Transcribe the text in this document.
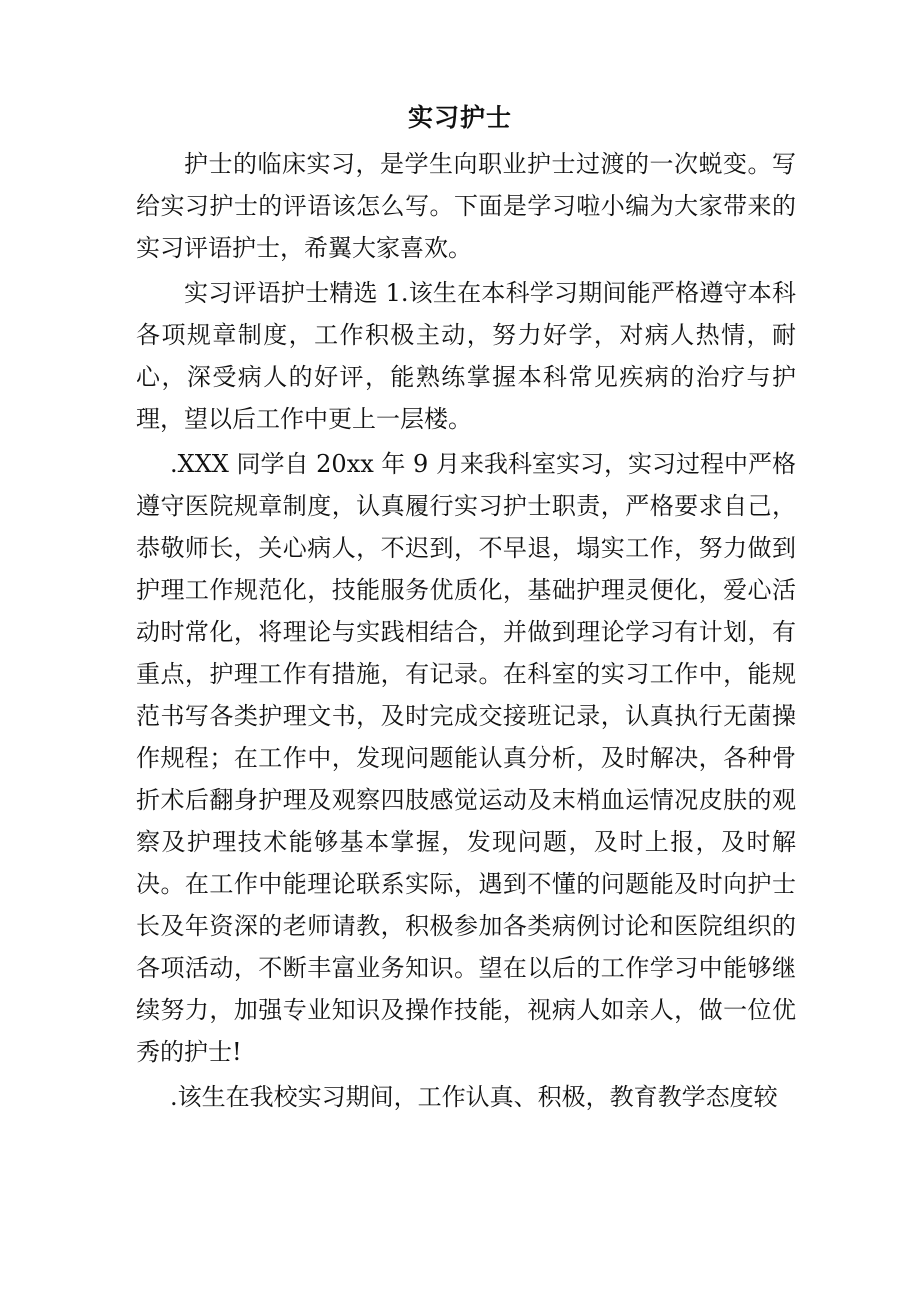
实习护士

护士的临床实习，是学生向职业护士过渡的一次蜕变。写给实习护士的评语该怎么写。下面是学习啦小编为大家带来的实习评语护士，希翼大家喜欢。

实习评语护士精选 1.该生在本科学习期间能严格遵守本科各项规章制度，工作积极主动，努力好学，对病人热情，耐心，深受病人的好评，能熟练掌握本科常见疾病的治疗与护理，望以后工作中更上一层楼。

.XXX 同学自 20xx 年 9 月来我科室实习，实习过程中严格遵守医院规章制度，认真履行实习护士职责，严格要求自己，恭敬师长，关心病人，不迟到，不早退，塌实工作，努力做到护理工作规范化，技能服务优质化，基础护理灵便化，爱心活动时常化，将理论与实践相结合，并做到理论学习有计划，有重点，护理工作有措施，有记录。在科室的实习工作中，能规范书写各类护理文书，及时完成交接班记录，认真执行无菌操作规程；在工作中，发现问题能认真分析，及时解决，各种骨折术后翻身护理及观察四肢感觉运动及末梢血运情况皮肤的观察及护理技术能够基本掌握，发现问题，及时上报，及时解决。在工作中能理论联系实际，遇到不懂的问题能及时向护士长及年资深的老师请教，积极参加各类病例讨论和医院组织的各项活动，不断丰富业务知识。望在以后的工作学习中能够继续努力，加强专业知识及操作技能，视病人如亲人，做一位优秀的护士!

.该生在我校实习期间，工作认真、积极，教育教学态度较
